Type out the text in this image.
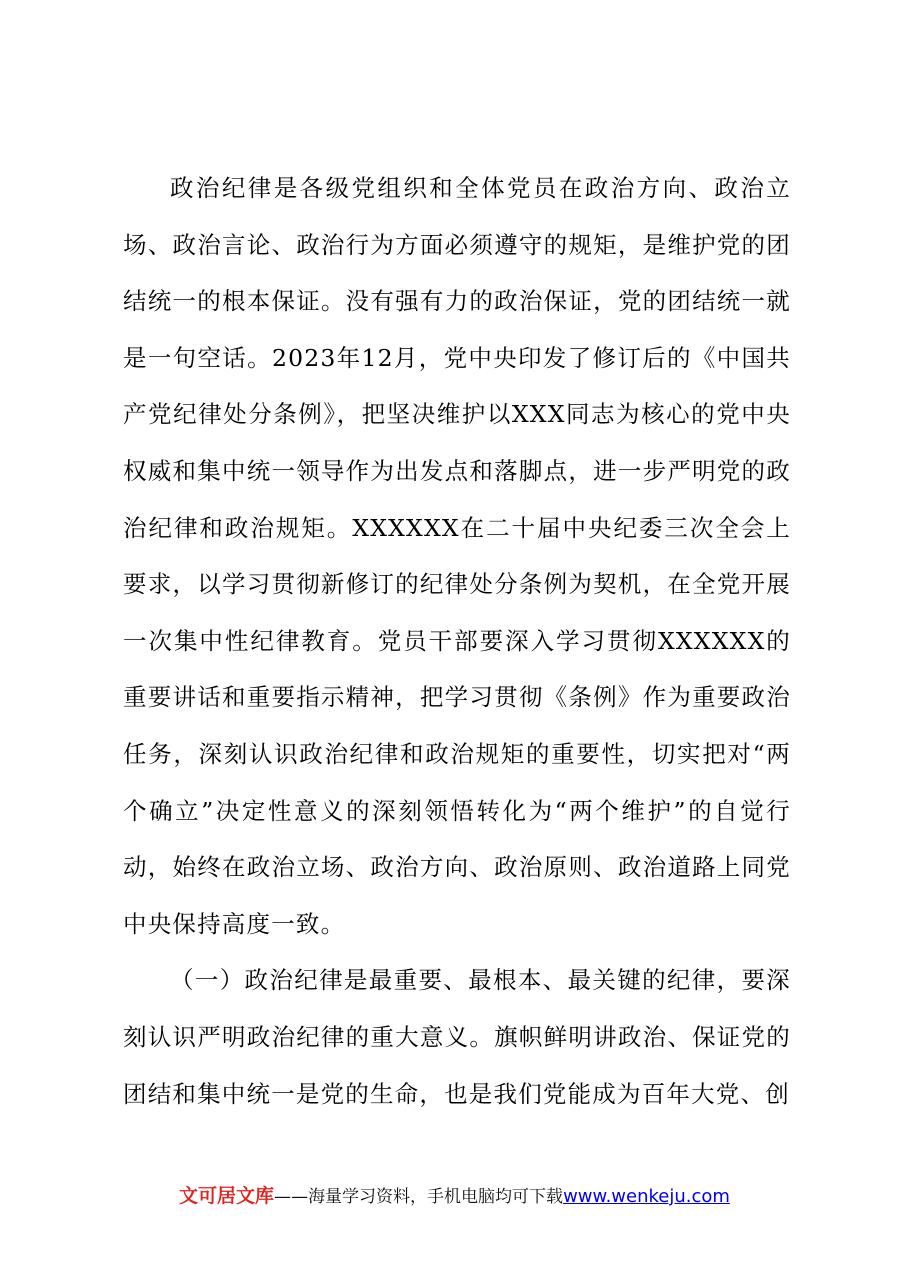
政治纪律是各级党组织和全体党员在政治方向、政治立场、政治言论、政治行为方面必须遵守的规矩，是维护党的团结统一的根本保证。没有强有力的政治保证，党的团结统一就是一句空话。2023年12月，党中央印发了修订后的《中国共产党纪律处分条例》，把坚决维护以XXX同志为核心的党中央权威和集中统一领导作为出发点和落脚点，进一步严明党的政治纪律和政治规矩。XXXXXX在二十届中央纪委三次全会上要求，以学习贯彻新修订的纪律处分条例为契机，在全党开展一次集中性纪律教育。党员干部要深入学习贯彻XXXXXX的重要讲话和重要指示精神，把学习贯彻《条例》作为重要政治任务，深刻认识政治纪律和政治规矩的重要性，切实把对“两个确立”决定性意义的深刻领悟转化为“两个维护”的自觉行动，始终在政治立场、政治方向、政治原则、政治道路上同党中央保持高度一致。

（一）政治纪律是最重要、最根本、最关键的纪律，要深刻认识严明政治纪律的重大意义。旗帜鲜明讲政治、保证党的团结和集中统一是党的生命，也是我们党能成为百年大党、创

文可居文库——海量学习资料，手机电脑均可下载www.wenkeju.com
